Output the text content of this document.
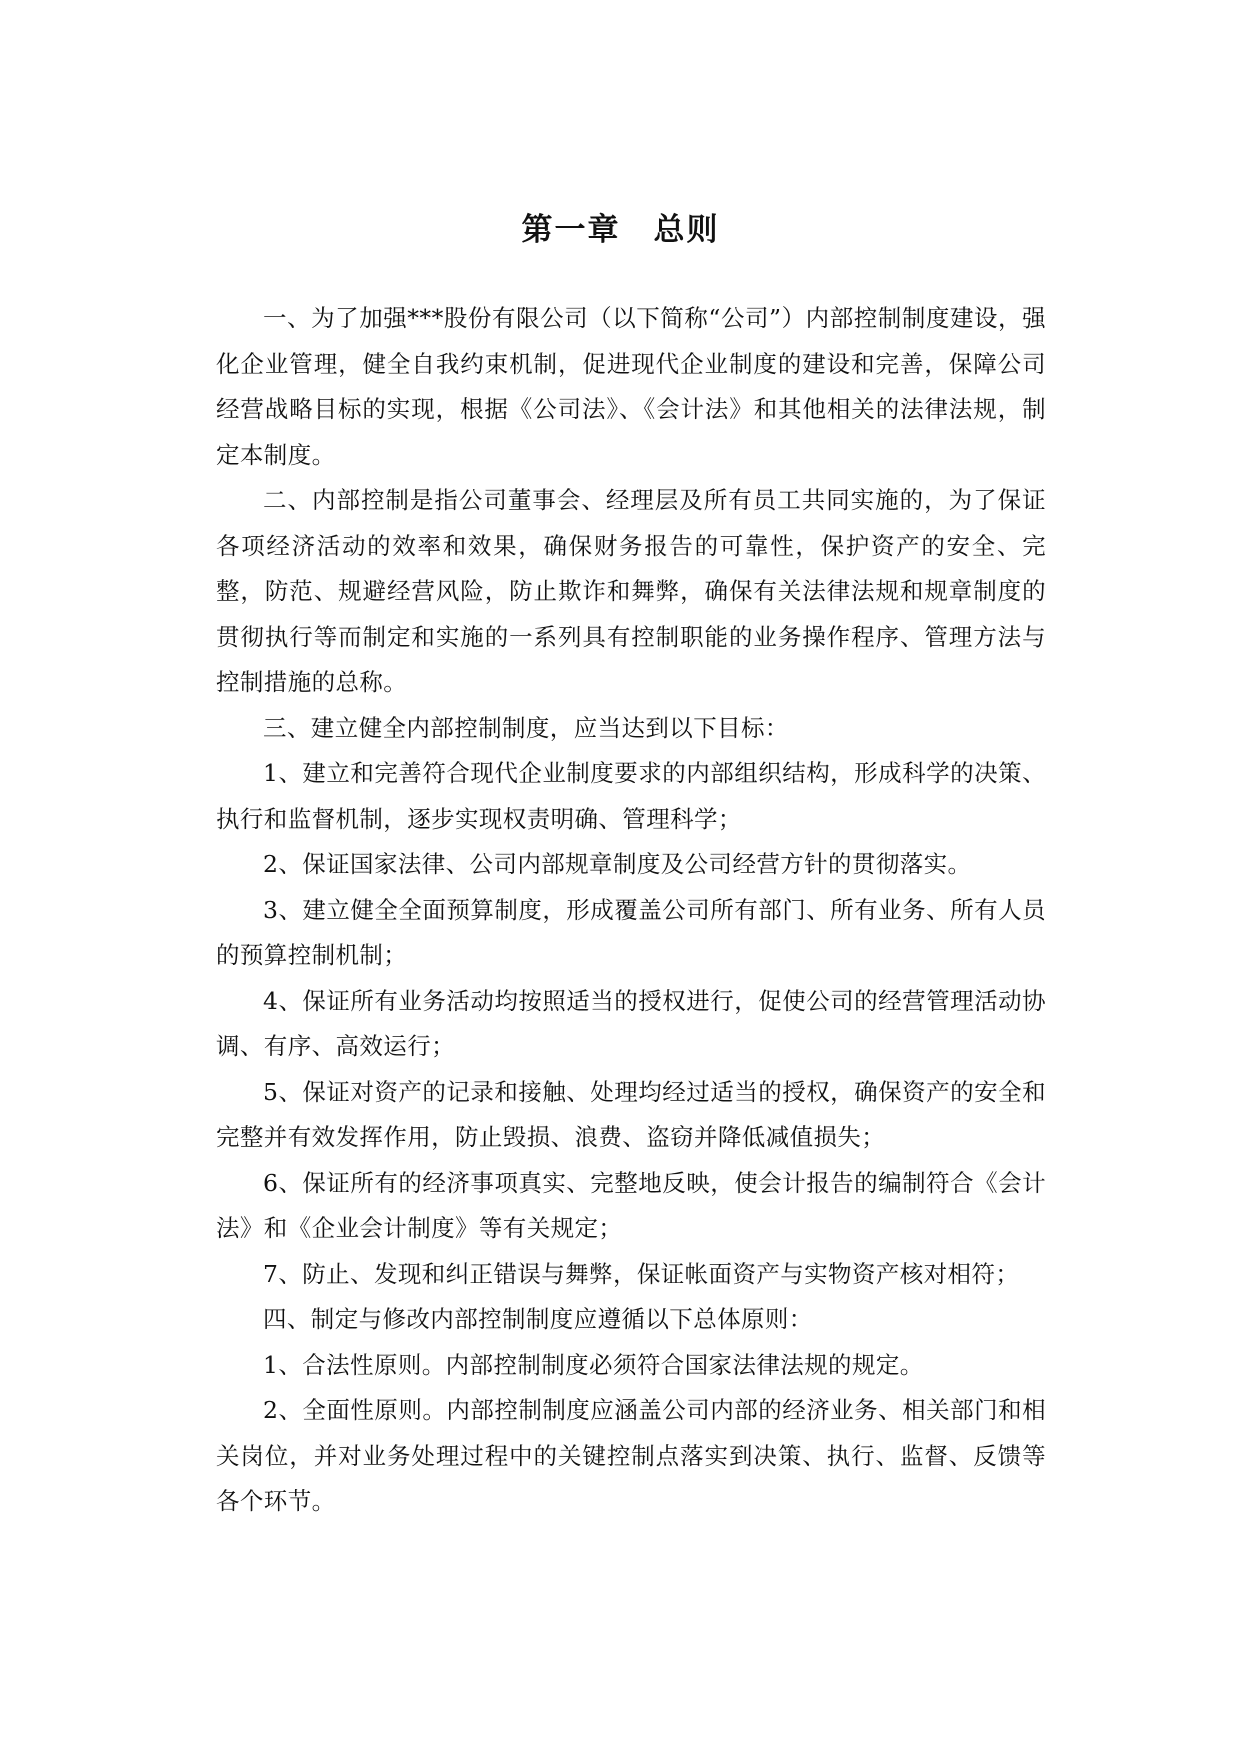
第一章　总则

一、为了加强***股份有限公司（以下简称“公司”）内部控制制度建设，强化企业管理，健全自我约束机制，促进现代企业制度的建设和完善，保障公司经营战略目标的实现，根据《公司法》、《会计法》和其他相关的法律法规，制定本制度。

二、内部控制是指公司董事会、经理层及所有员工共同实施的，为了保证各项经济活动的效率和效果，确保财务报告的可靠性，保护资产的安全、完整，防范、规避经营风险，防止欺诈和舞弊，确保有关法律法规和规章制度的贯彻执行等而制定和实施的一系列具有控制职能的业务操作程序、管理方法与控制措施的总称。

三、建立健全内部控制制度，应当达到以下目标：

1、建立和完善符合现代企业制度要求的内部组织结构，形成科学的决策、执行和监督机制，逐步实现权责明确、管理科学；

2、保证国家法律、公司内部规章制度及公司经营方针的贯彻落实。

3、建立健全全面预算制度，形成覆盖公司所有部门、所有业务、所有人员的预算控制机制；

4、保证所有业务活动均按照适当的授权进行，促使公司的经营管理活动协调、有序、高效运行；

5、保证对资产的记录和接触、处理均经过适当的授权，确保资产的安全和完整并有效发挥作用，防止毁损、浪费、盗窃并降低减值损失；

6、保证所有的经济事项真实、完整地反映，使会计报告的编制符合《会计法》和《企业会计制度》等有关规定；

7、防止、发现和纠正错误与舞弊，保证帐面资产与实物资产核对相符；

四、制定与修改内部控制制度应遵循以下总体原则：

1、合法性原则。内部控制制度必须符合国家法律法规的规定。

2、全面性原则。内部控制制度应涵盖公司内部的经济业务、相关部门和相关岗位，并对业务处理过程中的关键控制点落实到决策、执行、监督、反馈等各个环节。
